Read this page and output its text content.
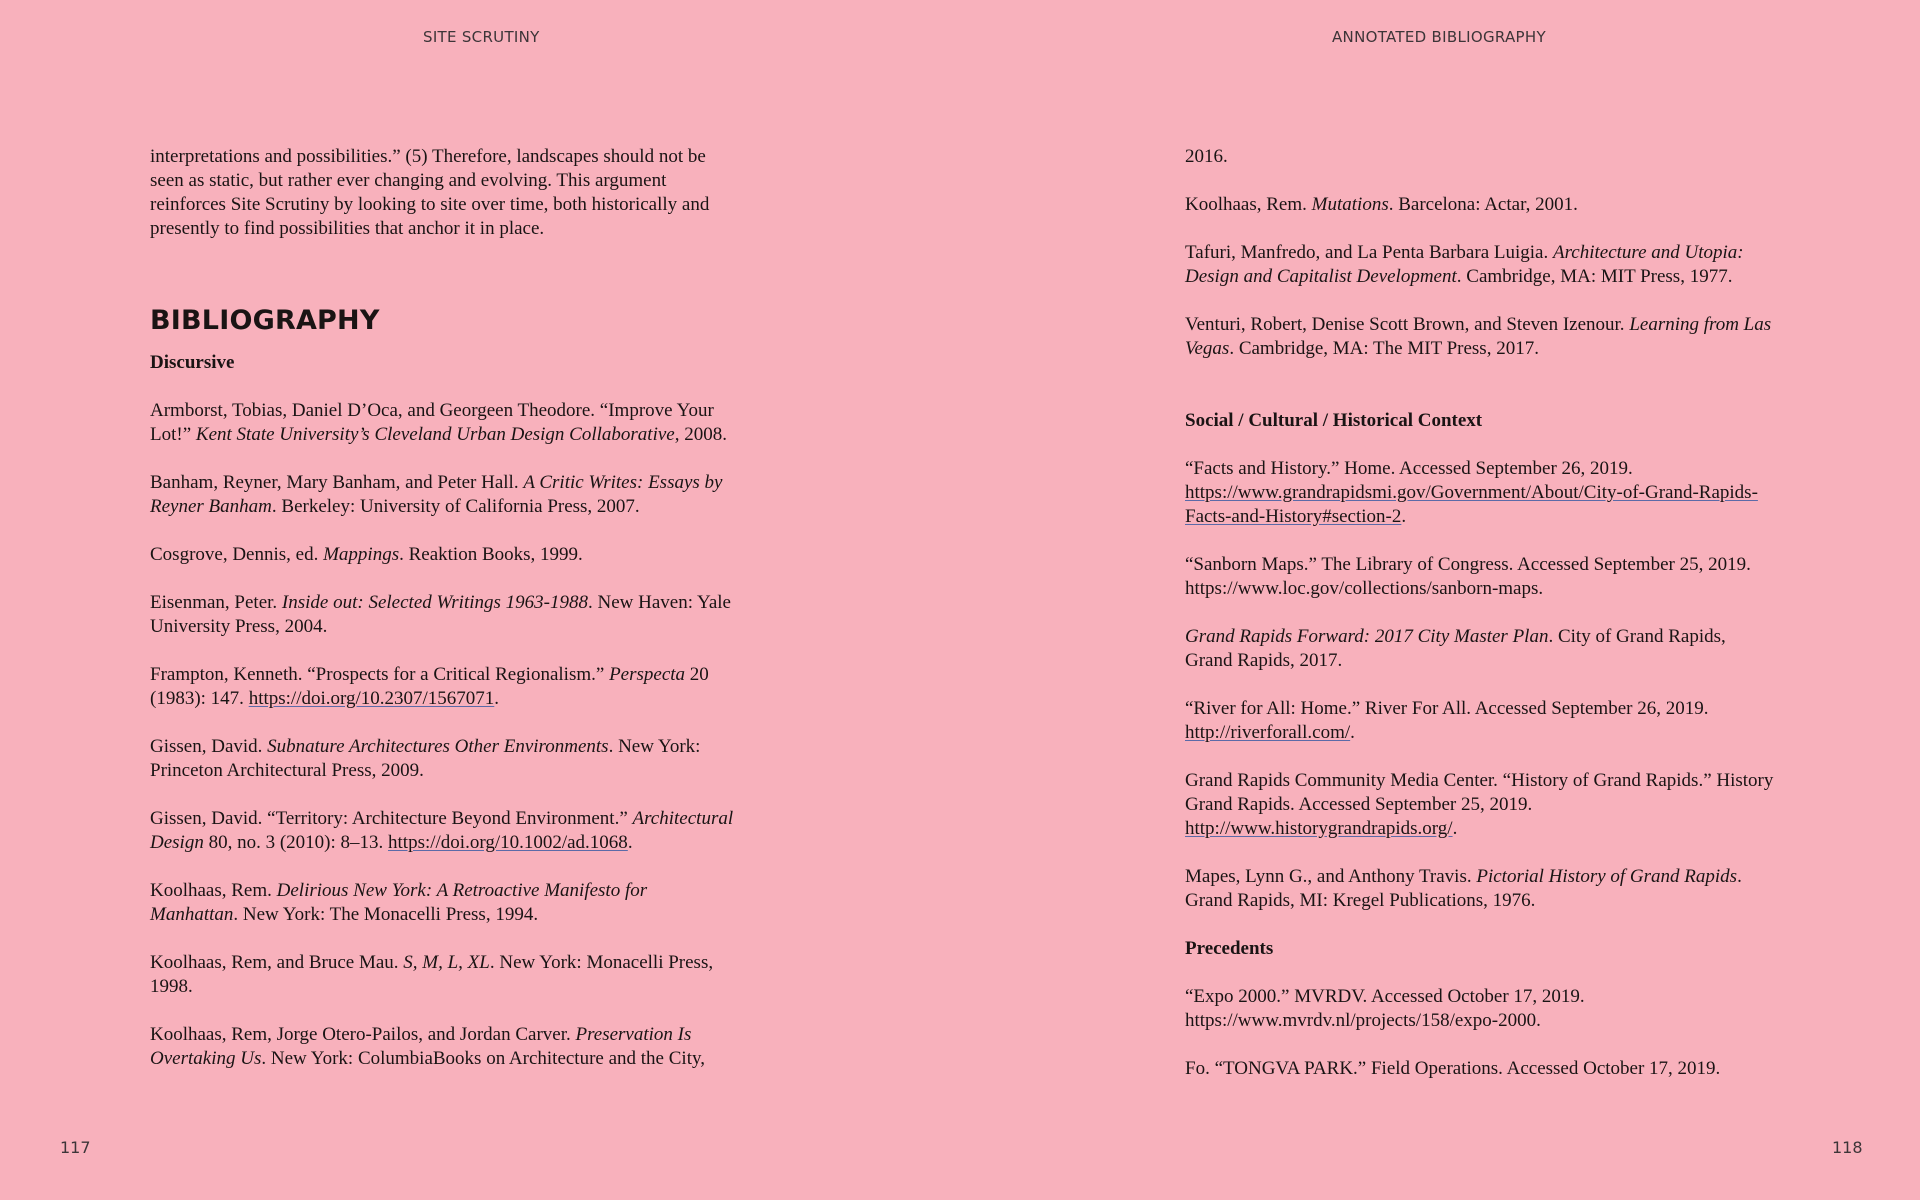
SITE SCRUTINY	ANNOTATED BIBLIOGRAPHY

interpretations and possibilities.” (5) Therefore, landscapes should not be seen as static, but rather ever changing and evolving. This argument reinforces Site Scrutiny by looking to site over time, both historically and presently to find possibilities that anchor it in place.

BIBLIOGRAPHY
Discursive

Armborst, Tobias, Daniel D’Oca, and Georgeen Theodore. “Improve Your Lot!” Kent State University’s Cleveland Urban Design Collaborative, 2008.

Banham, Reyner, Mary Banham, and Peter Hall. A Critic Writes: Essays by Reyner Banham. Berkeley: University of California Press, 2007.

Cosgrove, Dennis, ed. Mappings. Reaktion Books, 1999.

Eisenman, Peter. Inside out: Selected Writings 1963-1988. New Haven: Yale University Press, 2004.

Frampton, Kenneth. “Prospects for a Critical Regionalism.” Perspecta 20 (1983): 147. https://doi.org/10.2307/1567071.

Gissen, David. Subnature Architectures Other Environments. New York: Princeton Architectural Press, 2009.

Gissen, David. “Territory: Architecture Beyond Environment.” Architectural Design 80, no. 3 (2010): 8–13. https://doi.org/10.1002/ad.1068.

Koolhaas, Rem. Delirious New York: A Retroactive Manifesto for Manhattan. New York: The Monacelli Press, 1994.

Koolhaas, Rem, and Bruce Mau. S, M, L, XL. New York: Monacelli Press, 1998.

Koolhaas, Rem, Jorge Otero-Pailos, and Jordan Carver. Preservation Is Overtaking Us. New York: ColumbiaBooks on Architecture and the City,

2016.

Koolhaas, Rem. Mutations. Barcelona: Actar, 2001.

Tafuri, Manfredo, and La Penta Barbara Luigia. Architecture and Utopia: Design and Capitalist Development. Cambridge, MA: MIT Press, 1977.

Venturi, Robert, Denise Scott Brown, and Steven Izenour. Learning from Las Vegas. Cambridge, MA: The MIT Press, 2017.

Social / Cultural / Historical Context

“Facts and History.” Home. Accessed September 26, 2019. https://www.grandrapidsmi.gov/Government/About/City-of-Grand-Rapids-Facts-and-History#section-2.

“Sanborn Maps.” The Library of Congress. Accessed September 25, 2019. https://www.loc.gov/collections/sanborn-maps.

Grand Rapids Forward: 2017 City Master Plan. City of Grand Rapids, Grand Rapids, 2017.

“River for All: Home.” River For All. Accessed September 26, 2019. http://riverforall.com/.

Grand Rapids Community Media Center. “History of Grand Rapids.” History Grand Rapids. Accessed September 25, 2019. http://www.historygrandrapids.org/.

Mapes, Lynn G., and Anthony Travis. Pictorial History of Grand Rapids. Grand Rapids, MI: Kregel Publications, 1976.

Precedents

“Expo 2000.” MVRDV. Accessed October 17, 2019. https://www.mvrdv.nl/projects/158/expo-2000.

Fo. “TONGVA PARK.” Field Operations. Accessed October 17, 2019.

117	118
